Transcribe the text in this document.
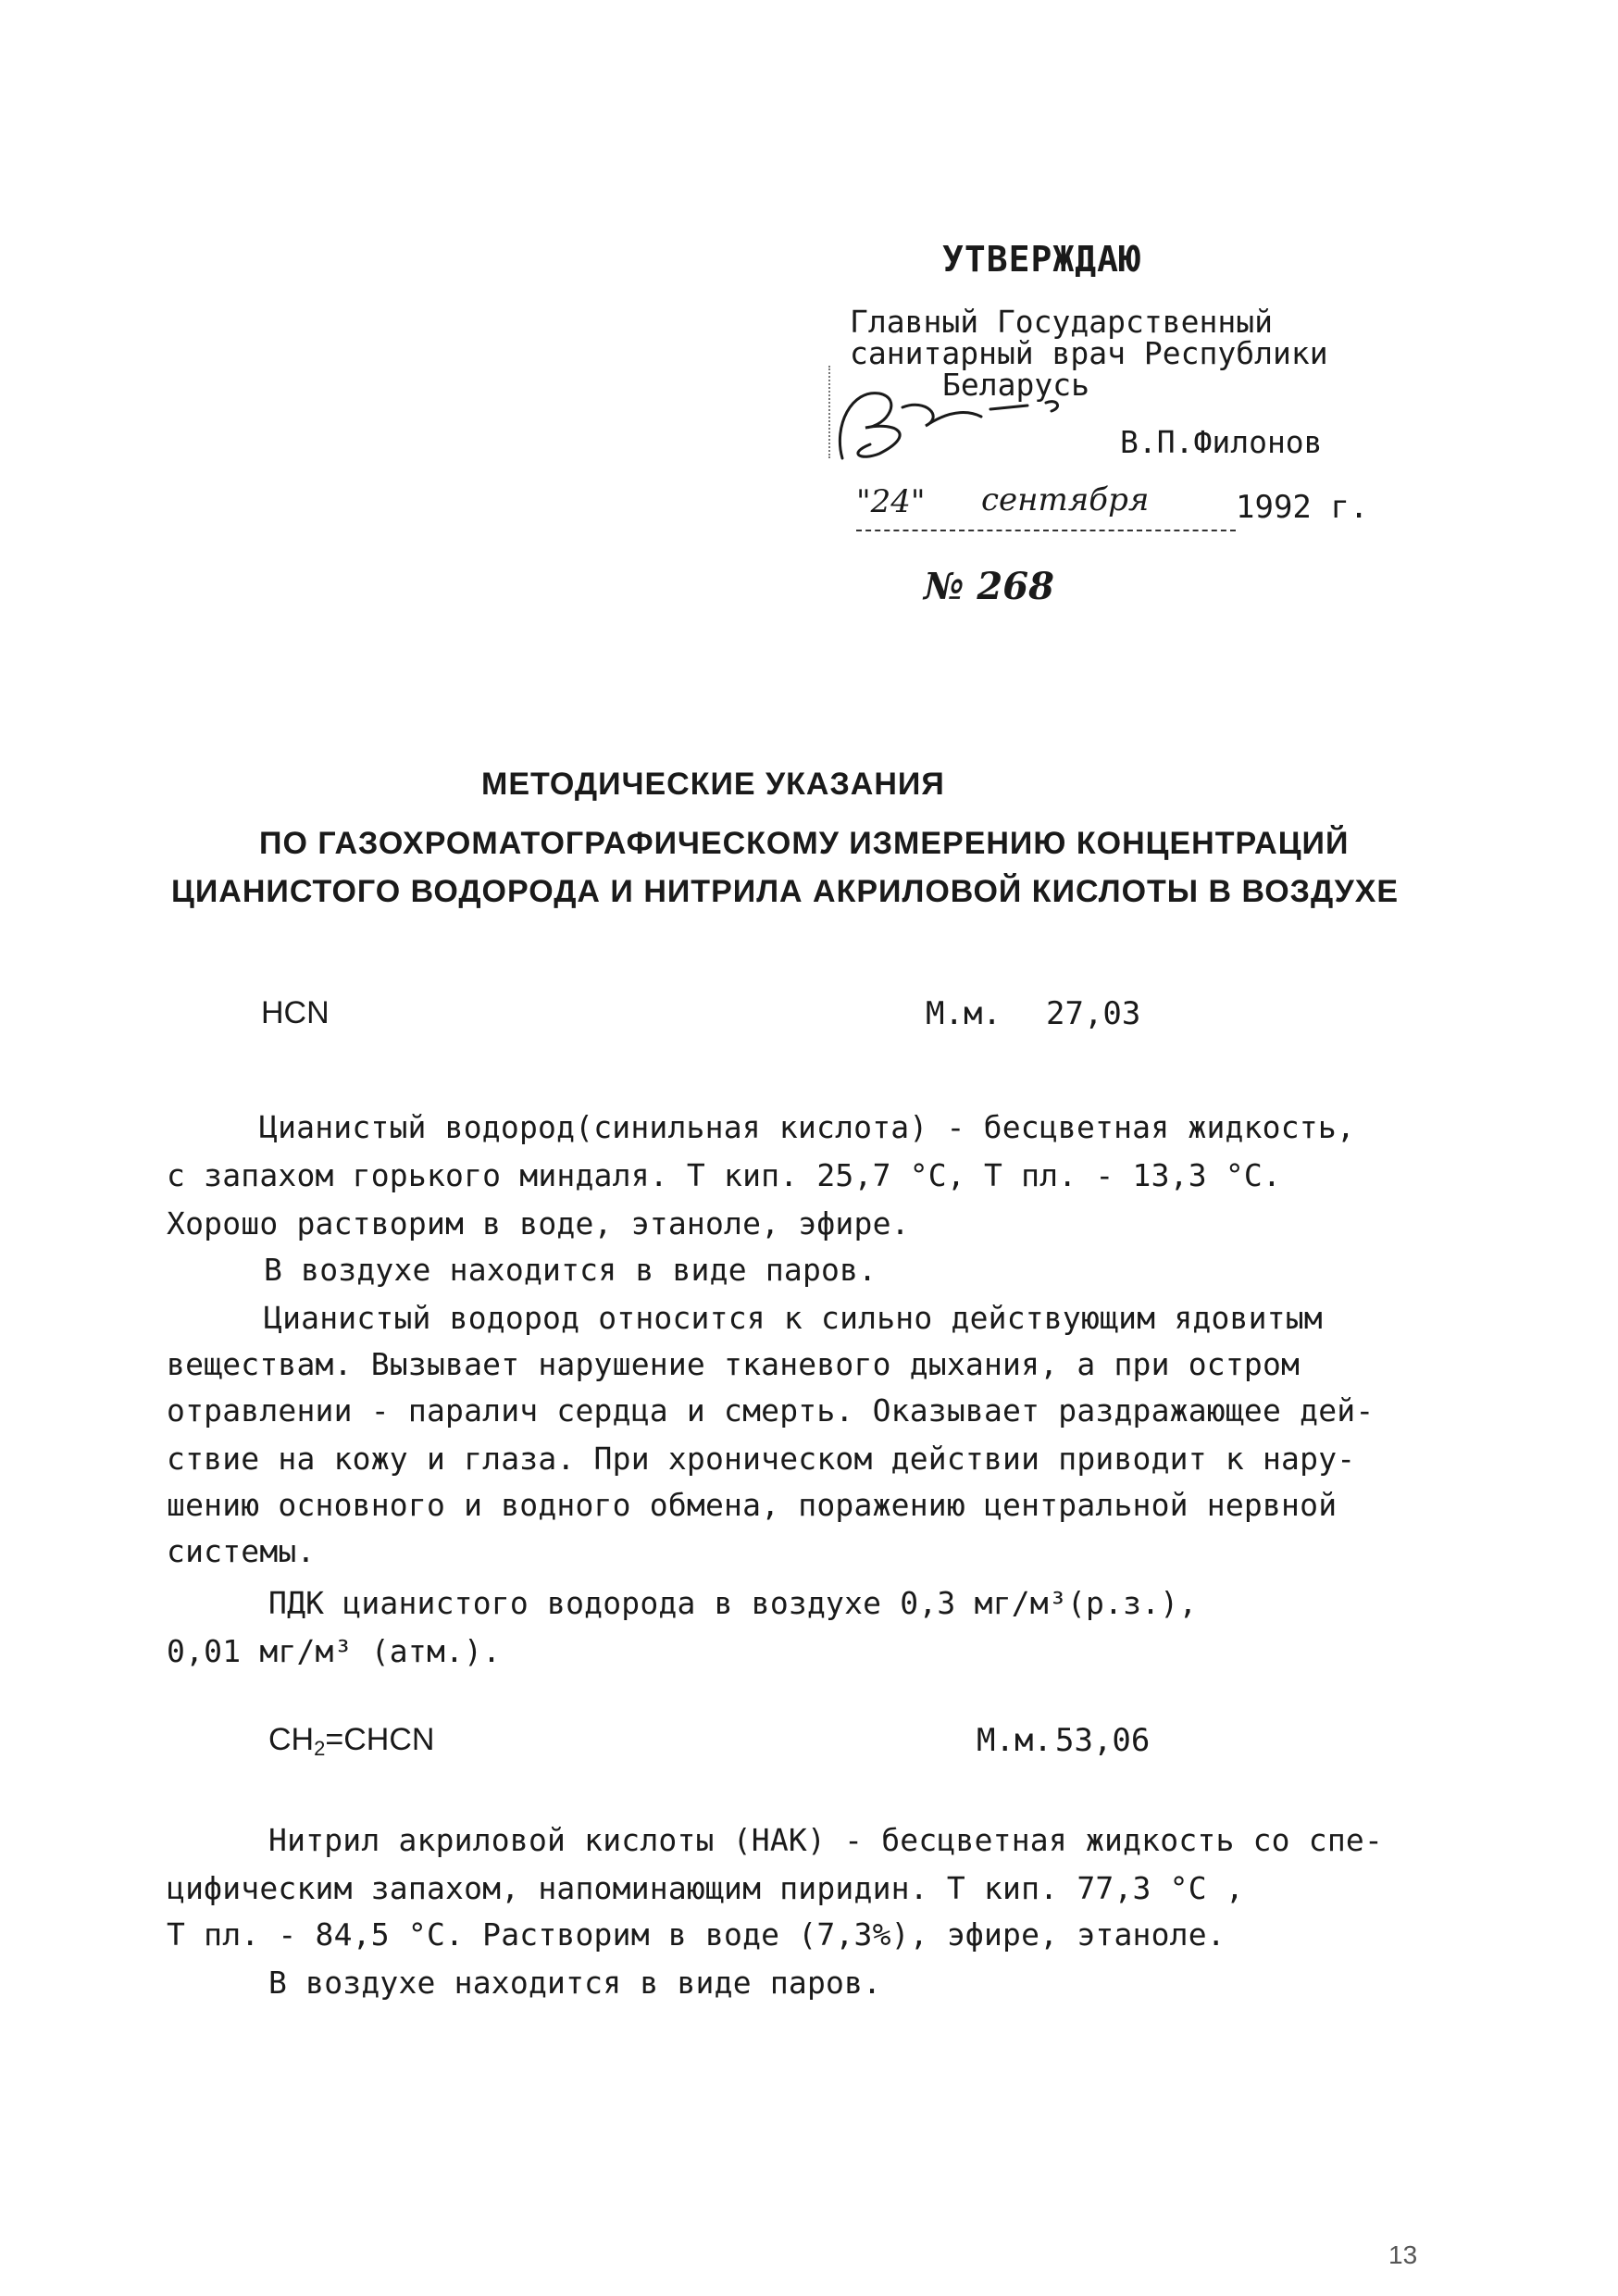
УТВЕРЖДАЮ
Главный Государственный
санитарный врач Республики
Беларусь
В.П.Филонов
"24" сентября	1992 г.
№ 268
МЕТОДИЧЕСКИЕ УКАЗАНИЯ
ПО ГАЗОХРОМАТОГРАФИЧЕСКОМУ ИЗМЕРЕНИЮ КОНЦЕНТРАЦИЙ
ЦИАНИСТОГО ВОДОРОДА И НИТРИЛА АКРИЛОВОЙ КИСЛОТЫ В ВОЗДУХЕ
HCN	М.м. 27,03
Цианистый водород(синильная кислота) - бесцветная жидкость,
с запахом горького миндаля. Т кип. 25,7 °С, Т пл. - 13,3 °С.
Хорошо растворим в воде, этаноле, эфире.
В воздухе находится в виде паров.
Цианистый водород относится к сильно действующим ядовитым
веществам. Вызывает нарушение тканевого дыхания, а при остром
отравлении - паралич сердца и смерть. Оказывает раздражающее дей-
ствие на кожу и глаза. При хроническом действии приводит к нару-
шению основного и водного обмена, поражению центральной нервной
системы.
ПДК цианистого водорода в воздухе 0,3 мг/м³(р.з.),
0,01 мг/м³ (атм.).
$CH_2=CHCN$	М.м. 53,06
Нитрил акриловой кислоты (НАК) - бесцветная жидкость со спе-
цифическим запахом, напоминающим пиридин. Т кип. 77,3 °С ,
Т пл. - 84,5 °С. Растворим в воде (7,3%), эфире, этаноле.
В воздухе находится в виде паров.
13
